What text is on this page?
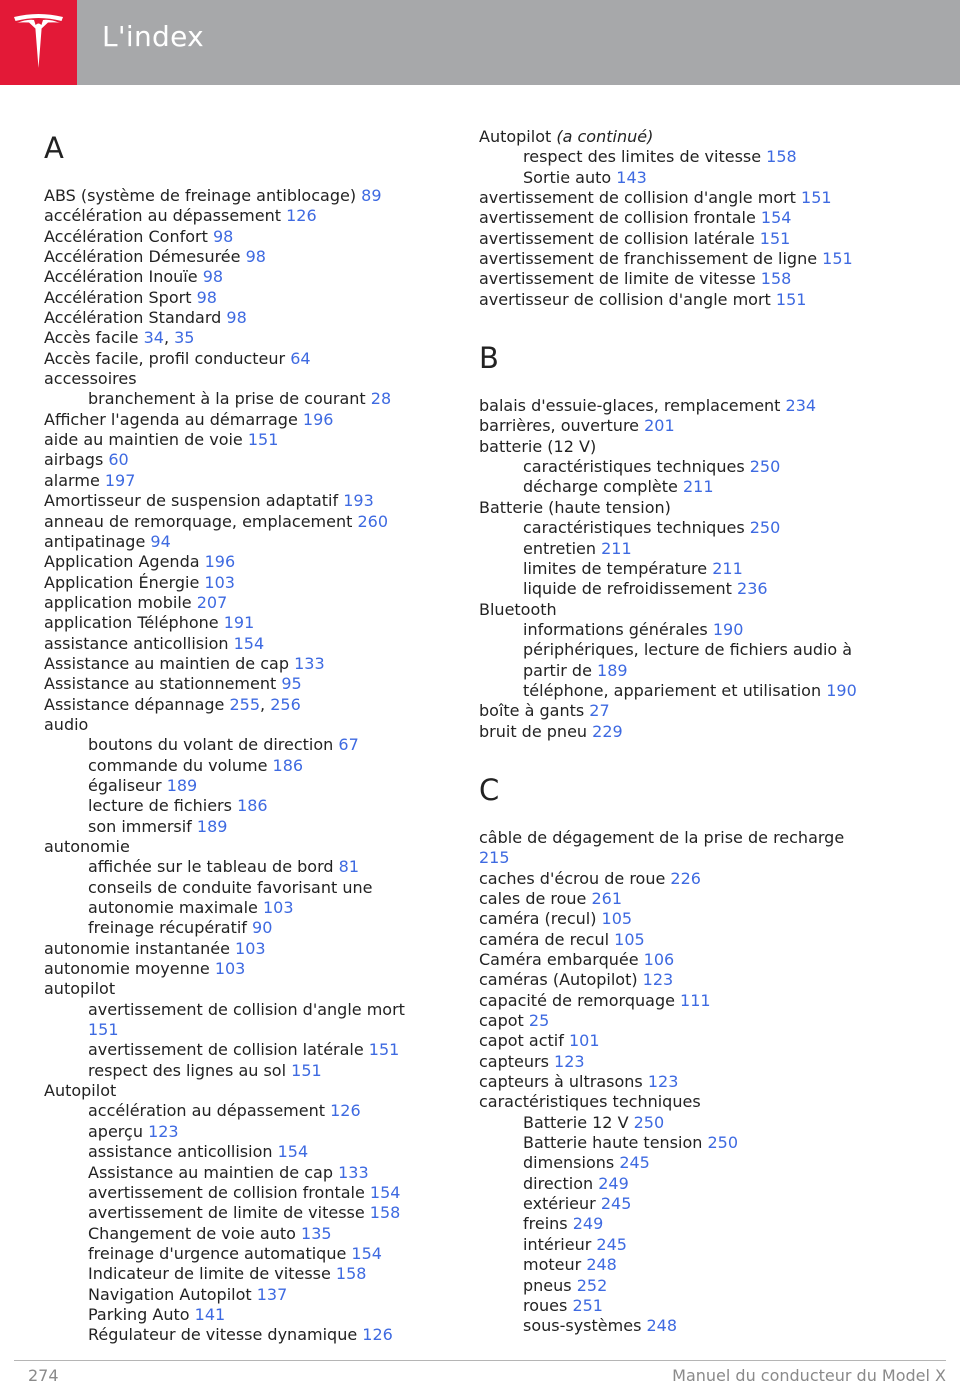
L'index
A
ABS (système de freinage antiblocage) 89
accélération au dépassement 126
Accélération Confort 98
Accélération Démesurée 98
Accélération Inouïe 98
Accélération Sport 98
Accélération Standard 98
Accès facile 34, 35
Accès facile, profil conducteur 64
accessoires
branchement à la prise de courant 28
Afficher l'agenda au démarrage 196
aide au maintien de voie 151
airbags 60
alarme 197
Amortisseur de suspension adaptatif 193
anneau de remorquage, emplacement 260
antipatinage 94
Application Agenda 196
Application Énergie 103
application mobile 207
application Téléphone 191
assistance anticollision 154
Assistance au maintien de cap 133
Assistance au stationnement 95
Assistance dépannage 255, 256
audio
boutons du volant de direction 67
commande du volume 186
égaliseur 189
lecture de fichiers 186
son immersif 189
autonomie
affichée sur le tableau de bord 81
conseils de conduite favorisant une
autonomie maximale 103
freinage récupératif 90
autonomie instantanée 103
autonomie moyenne 103
autopilot
avertissement de collision d'angle mort
151
avertissement de collision latérale 151
respect des lignes au sol 151
Autopilot
accélération au dépassement 126
aperçu 123
assistance anticollision 154
Assistance au maintien de cap 133
avertissement de collision frontale 154
avertissement de limite de vitesse 158
Changement de voie auto 135
freinage d'urgence automatique 154
Indicateur de limite de vitesse 158
Navigation Autopilot 137
Parking Auto 141
Régulateur de vitesse dynamique 126
Autopilot (a continué)
respect des limites de vitesse 158
Sortie auto 143
avertissement de collision d'angle mort 151
avertissement de collision frontale 154
avertissement de collision latérale 151
avertissement de franchissement de ligne 151
avertissement de limite de vitesse 158
avertisseur de collision d'angle mort 151
B
balais d'essuie-glaces, remplacement 234
barrières, ouverture 201
batterie (12 V)
caractéristiques techniques 250
décharge complète 211
Batterie (haute tension)
caractéristiques techniques 250
entretien 211
limites de température 211
liquide de refroidissement 236
Bluetooth
informations générales 190
périphériques, lecture de fichiers audio à
partir de 189
téléphone, appariement et utilisation 190
boîte à gants 27
bruit de pneu 229
C
câble de dégagement de la prise de recharge
215
caches d'écrou de roue 226
cales de roue 261
caméra (recul) 105
caméra de recul 105
Caméra embarquée 106
caméras (Autopilot) 123
capacité de remorquage 111
capot 25
capot actif 101
capteurs 123
capteurs à ultrasons 123
caractéristiques techniques
Batterie 12 V 250
Batterie haute tension 250
dimensions 245
direction 249
extérieur 245
freins 249
intérieur 245
moteur 248
pneus 252
roues 251
sous-systèmes 248
274	Manuel du conducteur du Model X
